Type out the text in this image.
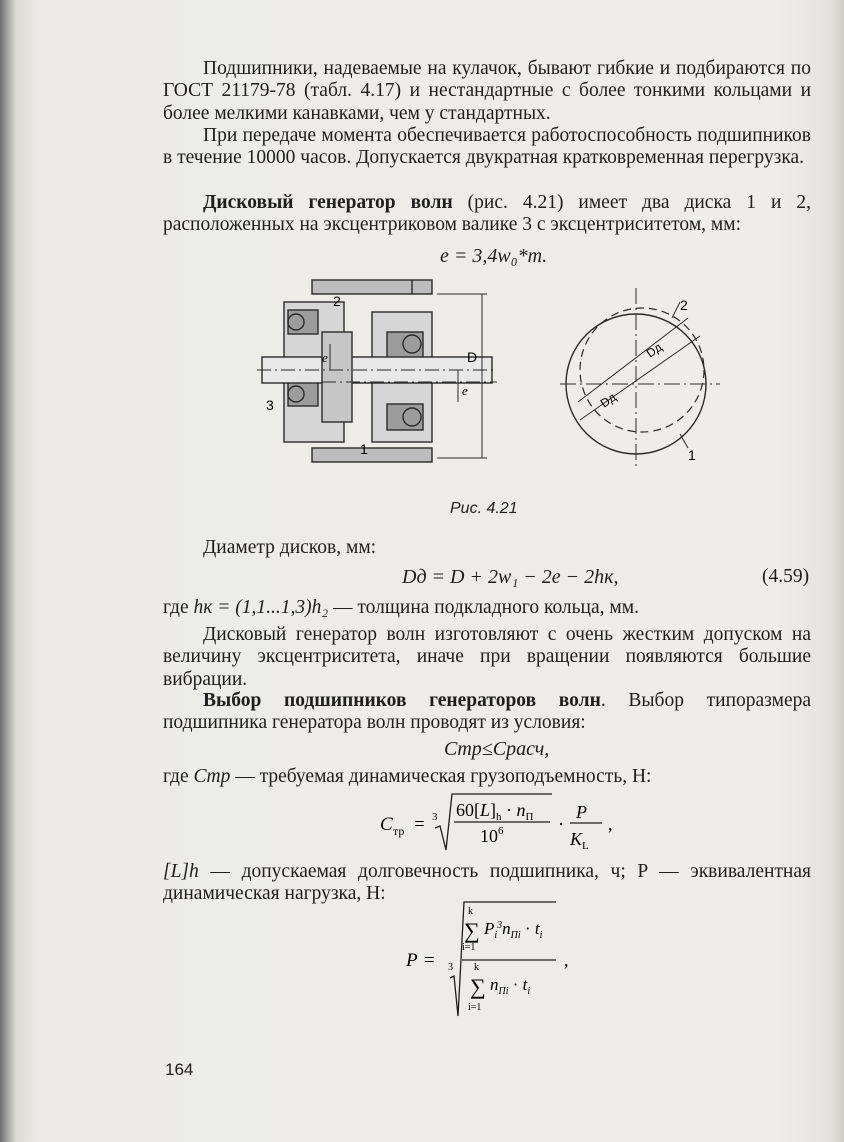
Подшипники, надеваемые на кулачок, бывают гибкие и подбираются по ГОСТ 21179-78 (табл. 4.17) и нестандартные с более тонкими кольцами и более мелкими канавками, чем у стандартных.

При передаче момента обеспечивается работоспособность подшипников в течение 10000 часов. Допускается двукратная кратковременная перегрузка.

Дисковый генератор волн (рис. 4.21) имеет два диска 1 и 2, расположенных на эксцентриковом валике 3 с эксцентриситетом, мм:

e = 3,4w₀*m.
2
3
1
e
e
D
2
1
Dд
Dд
Рис. 4.21

Диаметр дисков, мм:

Dд = D + 2w₁ − 2e − 2hк,	(4.59)

где hк = (1,1...1,3)h₂ — толщина подкладного кольца, мм.

Дисковый генератор волн изготовляют с очень жестким допуском на величину эксцентриситета, иначе при вращении появляются большие вибрации.

Выбор подшипников генераторов волн. Выбор типоразмера подшипника генератора волн проводят из условия:

Cтр≤Cрасч,

где Cтр — требуемая динамическая грузоподъемность, Н:

C тр = 3 $60[L]_h \cdot n_П$
$10^6$	·
P
$K_L$
,

[L]h — допускаемая долговечность подшипника, ч; P — эквивалентная динамическая нагрузка, Н:

P = 3
k
∑
i=1
$P_i^3n_{Пi} \cdot t_i$
k
∑
i=1
$n_{Пi} \cdot t_i$
,
164
